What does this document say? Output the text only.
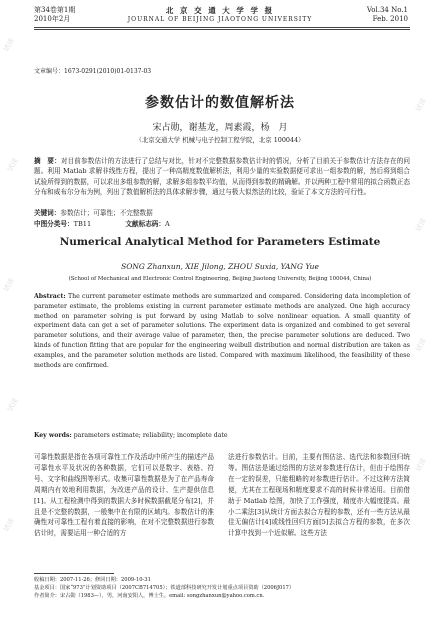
试读
试读
试读
试读
试读
试读
试读
试读
试读
第34卷第1期
2010年2月
北 京 交 通 大 学 学 报
JOURNAL OF BEIJING JIAOTONG UNIVERSITY
Vol.34 No.1
Feb. 2010
文章编号：1673-0291(2010)01-0137-03
参数估计的数值解析法
宋占勋，谢基龙，周素霞，杨　月
（北京交通大学 机械与电子控制工程学院，北京 100044）
摘　要：对目前参数估计的方法进行了总结与对比，针对不完整数据参数估计时的情况，分析了目前关于参数估计方法存在的问题。利用 Matlab 求解非线性方程，提出了一种高精度数值解析法，利用少量的实验数据便可求出一组参数的解，然后将到组合试验所得到的数据，可以求出多组参数的解，求解多组参数平均值，从而得到参数的精确解。并以两种工程中常用的拟合函数正态分布和威布尔分布为例，列出了数值解析法的具体求解步骤，通过与极大似然法的比较，验证了本文方法的可行性。
关键词：参数估计；可靠性；不完整数据
中图分类号：TB11	文献标志码：A
Numerical Analytical Method for Parameters Estimate
SONG Zhanxun, XIE Jilong, ZHOU Suxia, YANG Yue
(School of Mechanical and Electronic Control Engineering, Beijing Jiaotong University, Beijing 100044, China)
Abstract: The current parameter estimate methods are summarized and compared. Considering data incompletion of parameter estimate, the problems existing in current parameter estimate methods are analyzed. One high accuracy method on parameter solving is put forward by using Matlab to solve nonlinear equation. A small quantity of experiment data can get a set of parameter solutions. The experiment data is organized and combined to get several parameter solutions, and their average value of parameter, then, the precise parameter solutions are deduced. Two kinds of function fitting that are popular for the engineering weibull distribution and normal distribution are taken as examples, and the parameter solution methods are listed. Compared with maximum likelihood, the feasibility of these methods are confirmed.
Key words: parameters estimate; reliability; incomplete date
可靠性数据是指在各项可靠性工作及活动中所产生的描述产品可靠性水平及状况的各种数据，它们可以是数字、表格、符号、文字和曲线图等形式。收集可靠性数据是为了在产品寿命周期内有效地利用数据，为改进产品的设计、生产提供信息[1]。从工程检测中得到的数据大多时候数据截尾分布[2]，并且是不完整的数据，一般集中在有限的区域内。参数估计的准确性对可靠性工程有着直接的影响，在对不完整数据进行参数估计时，需要运用一种合适的方
法进行参数估计。目前，主要有图估法、选代法和参数回归统等。图估法是通过绘图的方法对参数进行估计，但由于绘图存在一定的误差，只能粗略的对参数进行估计。不过这种方法简便，尤其在工程现场和精度要求不高的时候非常适用。目前借助于 Matlab 绘图，加快了工作强度，精度亦大幅度提高。最小二乘法[3]从统计方面去拟合方程的参数，还有一些方法从最佳无偏估计[4]或线性回归方面[5]去拟合方程的参数，在多次计算中找到一个近似解。这些方法
收稿日期：2007-11-26；修回日期：2009-10-31
基金项目：国家“973”计划资助项目（2007CB714705）；铁道部科技研究开发计划重点项目资助（2006J017）
作者简介：宋占勋（1983—），男，河南安阳人，博士生。email: songzhanxun@yahoo.com.cn.
